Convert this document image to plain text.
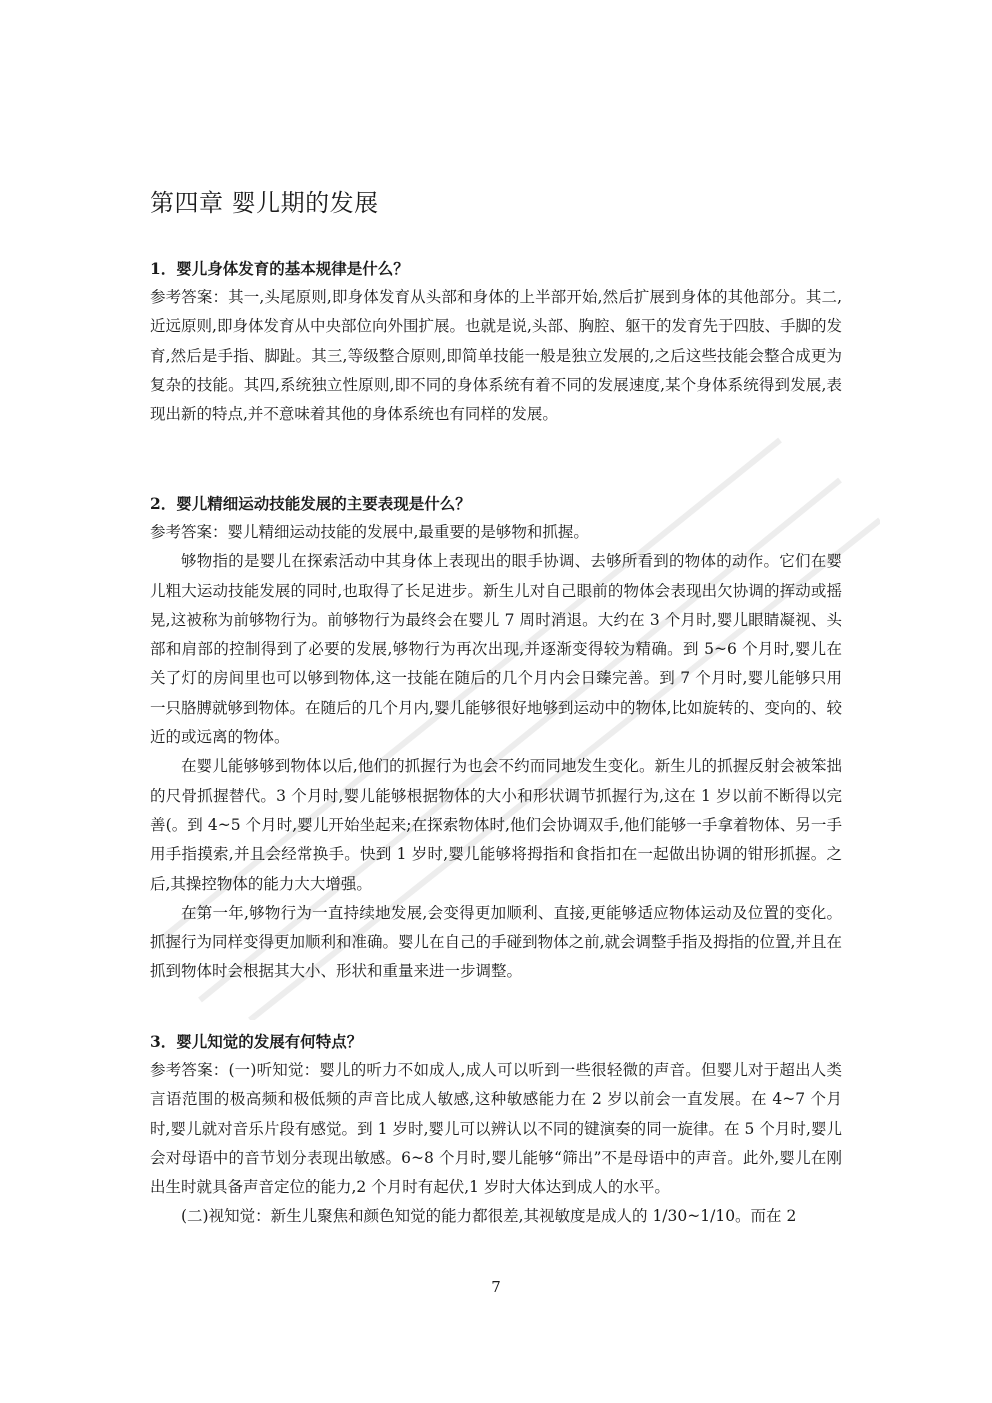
第四章 婴儿期的发展

1．婴儿身体发育的基本规律是什么？

参考答案：其一,头尾原则,即身体发育从头部和身体的上半部开始,然后扩展到身体的其他部分。其二,近远原则,即身体发育从中央部位向外围扩展。也就是说,头部、胸腔、躯干的发育先于四肢、手脚的发育,然后是手指、脚趾。其三,等级整合原则,即简单技能一般是独立发展的,之后这些技能会整合成更为复杂的技能。其四,系统独立性原则,即不同的身体系统有着不同的发展速度,某个身体系统得到发展,表现出新的特点,并不意味着其他的身体系统也有同样的发展。

2．婴儿精细运动技能发展的主要表现是什么？

参考答案：婴儿精细运动技能的发展中,最重要的是够物和抓握。

够物指的是婴儿在探索活动中其身体上表现出的眼手协调、去够所看到的物体的动作。它们在婴儿粗大运动技能发展的同时,也取得了长足进步。新生儿对自己眼前的物体会表现出欠协调的挥动或摇晃,这被称为前够物行为。前够物行为最终会在婴儿 7 周时消退。大约在 3 个月时,婴儿眼睛凝视、头部和肩部的控制得到了必要的发展,够物行为再次出现,并逐渐变得较为精确。到 5~6 个月时,婴儿在关了灯的房间里也可以够到物体,这一技能在随后的几个月内会日臻完善。到 7 个月时,婴儿能够只用一只胳膊就够到物体。在随后的几个月内,婴儿能够很好地够到运动中的物体,比如旋转的、变向的、较近的或远离的物体。

在婴儿能够够到物体以后,他们的抓握行为也会不约而同地发生变化。新生儿的抓握反射会被笨拙的尺骨抓握替代。3 个月时,婴儿能够根据物体的大小和形状调节抓握行为,这在 1 岁以前不断得以完善(。到 4~5 个月时,婴儿开始坐起来;在探索物体时,他们会协调双手,他们能够一手拿着物体、另一手用手指摸索,并且会经常换手。快到 1 岁时,婴儿能够将拇指和食指扣在一起做出协调的钳形抓握。之后,其操控物体的能力大大增强。

在第一年,够物行为一直持续地发展,会变得更加顺利、直接,更能够适应物体运动及位置的变化。抓握行为同样变得更加顺利和准确。婴儿在自己的手碰到物体之前,就会调整手指及拇指的位置,并且在抓到物体时会根据其大小、形状和重量来进一步调整。

3．婴儿知觉的发展有何特点？

参考答案：(一)听知觉：婴儿的听力不如成人,成人可以听到一些很轻微的声音。但婴儿对于超出人类言语范围的极高频和极低频的声音比成人敏感,这种敏感能力在 2 岁以前会一直发展。在 4~7 个月时,婴儿就对音乐片段有感觉。到 1 岁时,婴儿可以辨认以不同的键演奏的同一旋律。在 5 个月时,婴儿会对母语中的音节划分表现出敏感。6~8 个月时,婴儿能够“筛出”不是母语中的声音。此外,婴儿在刚出生时就具备声音定位的能力,2 个月时有起伏,1 岁时大体达到成人的水平。

(二)视知觉：新生儿聚焦和颜色知觉的能力都很差,其视敏度是成人的 1/30~1/10。而在 2

7
